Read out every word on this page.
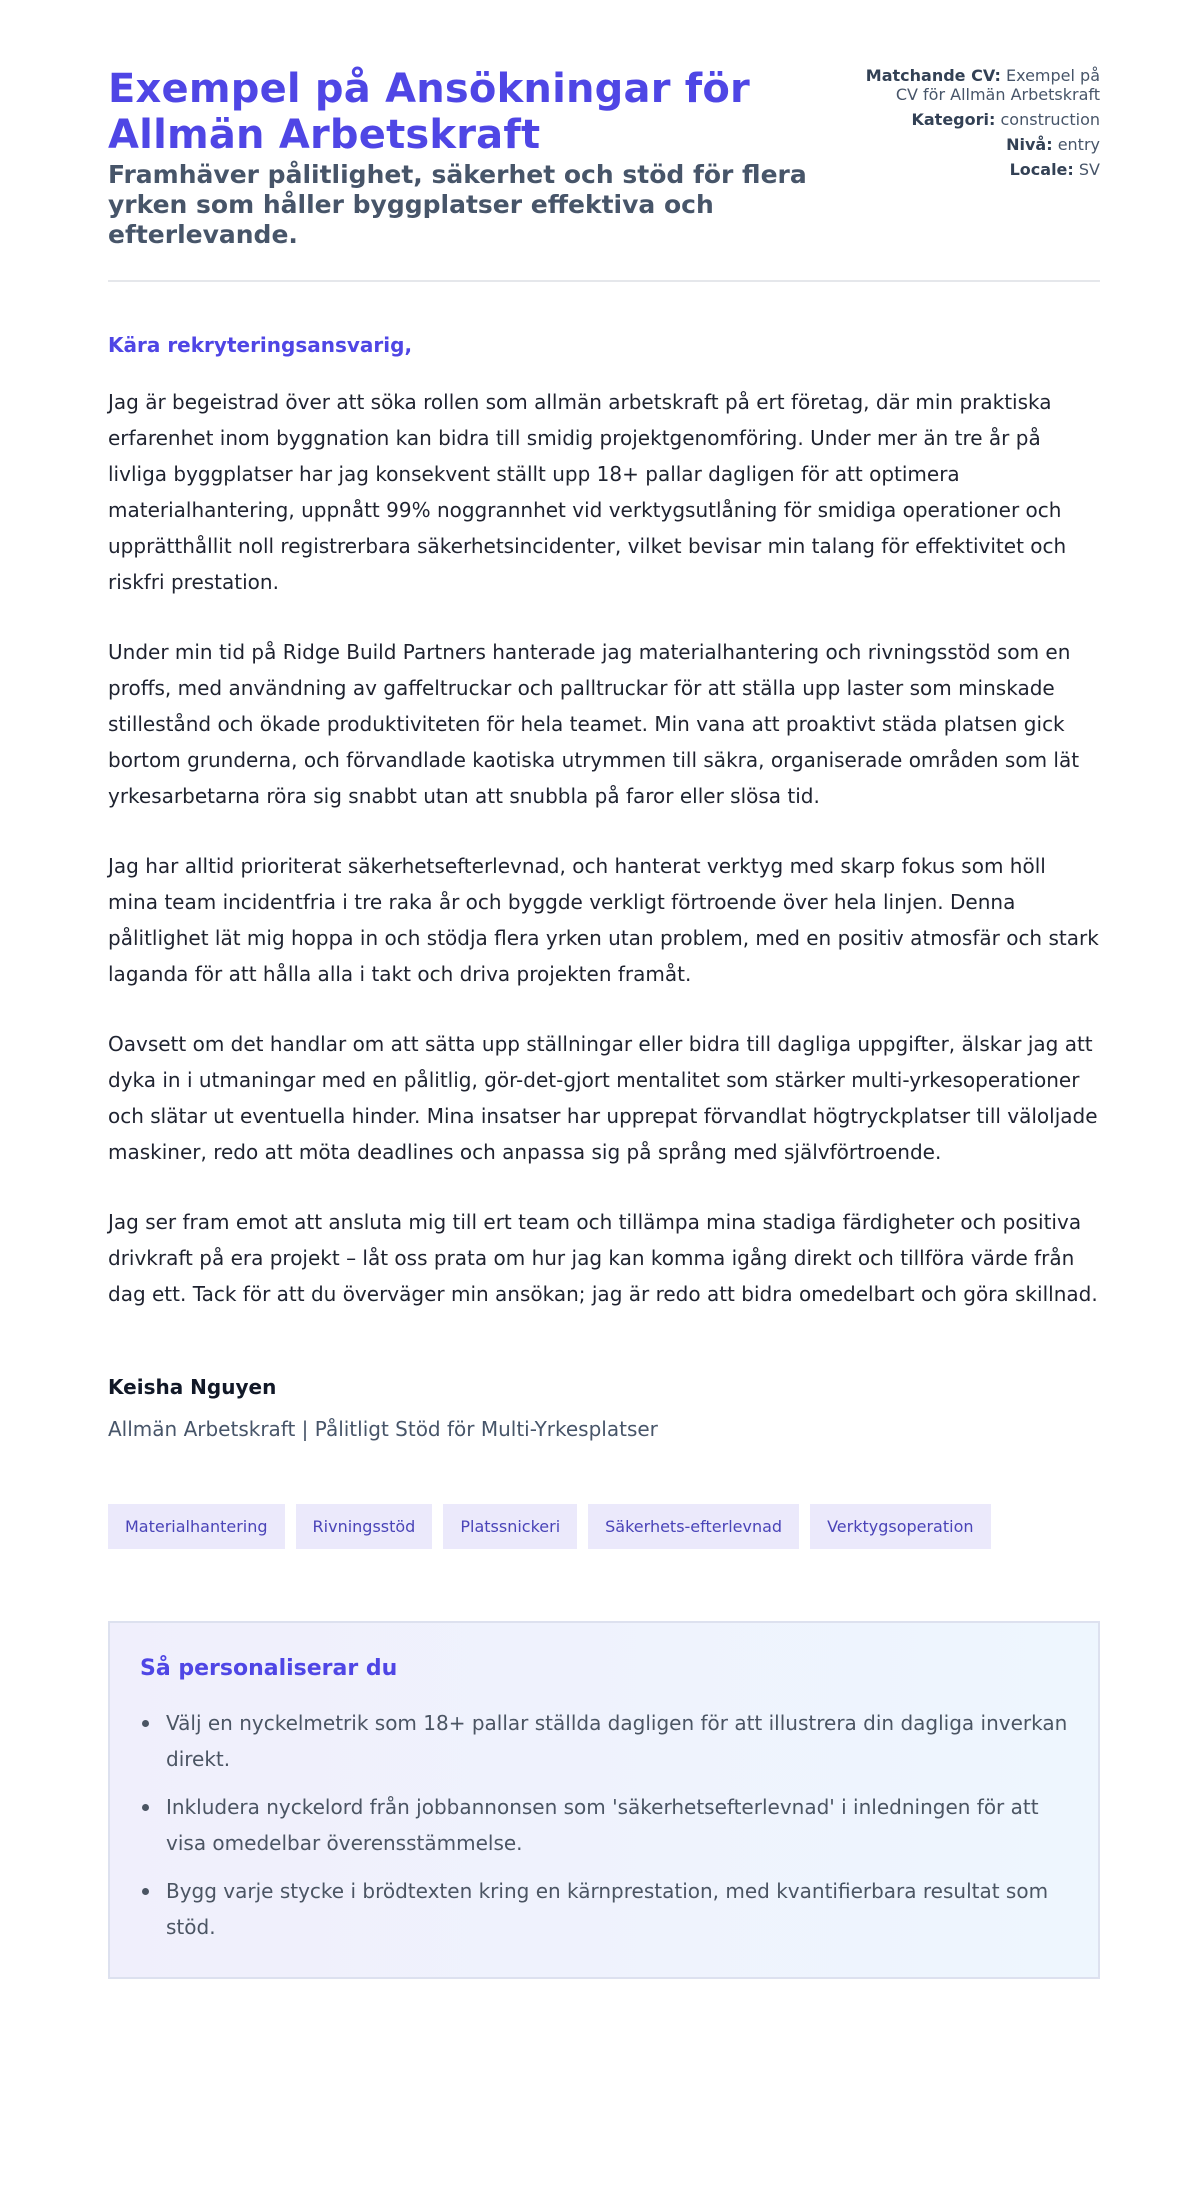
Exempel på Ansökningar för Allmän Arbetskraft
Framhäver pålitlighet, säkerhet och stöd för flera yrken som håller byggplatser effektiva och efterlevande.
Matchande CV: Exempel på CV för Allmän Arbetskraft
Kategori: construction
Nivå: entry
Locale: SV

Kära rekryteringsansvarig,

Jag är begeistrad över att söka rollen som allmän arbetskraft på ert företag, där min praktiska erfarenhet inom byggnation kan bidra till smidig projektgenomföring. Under mer än tre år på livliga byggplatser har jag konsekvent ställt upp 18+ pallar dagligen för att optimera materialhantering, uppnått 99% noggrannhet vid verktygsutlåning för smidiga operationer och upprätthållit noll registrerbara säkerhetsincidenter, vilket bevisar min talang för effektivitet och riskfri prestation.

Under min tid på Ridge Build Partners hanterade jag materialhantering och rivningsstöd som en proffs, med användning av gaffeltruckar och palltruckar för att ställa upp laster som minskade stillestånd och ökade produktiviteten för hela teamet. Min vana att proaktivt städa platsen gick bortom grunderna, och förvandlade kaotiska utrymmen till säkra, organiserade områden som lät yrkesarbetarna röra sig snabbt utan att snubbla på faror eller slösa tid.

Jag har alltid prioriterat säkerhetsefterlevnad, och hanterat verktyg med skarp fokus som höll mina team incidentfria i tre raka år och byggde verkligt förtroende över hela linjen. Denna pålitlighet lät mig hoppa in och stödja flera yrken utan problem, med en positiv atmosfär och stark laganda för att hålla alla i takt och driva projekten framåt.

Oavsett om det handlar om att sätta upp ställningar eller bidra till dagliga uppgifter, älskar jag att dyka in i utmaningar med en pålitlig, gör-det-gjort mentalitet som stärker multi-yrkesoperationer och slätar ut eventuella hinder. Mina insatser har upprepat förvandlat högtryckplatser till väloljade maskiner, redo att möta deadlines och anpassa sig på språng med självförtroende.

Jag ser fram emot att ansluta mig till ert team och tillämpa mina stadiga färdigheter och positiva drivkraft på era projekt – låt oss prata om hur jag kan komma igång direkt och tillföra värde från dag ett. Tack för att du överväger min ansökan; jag är redo att bidra omedelbart och göra skillnad.

Keisha Nguyen
Allmän Arbetskraft | Pålitligt Stöd för Multi-Yrkesplatser
Materialhantering	Rivningsstöd	Platssnickeri	Säkerhets-efterlevnad	Verktygsoperation
Så personaliserar du
Välj en nyckelmetrik som 18+ pallar ställda dagligen för att illustrera din dagliga inverkan direkt.
Inkludera nyckelord från jobbannonsen som 'säkerhetsefterlevnad' i inledningen för att visa omedelbar överensstämmelse.
Bygg varje stycke i brödtexten kring en kärnprestation, med kvantifierbara resultat som stöd.
